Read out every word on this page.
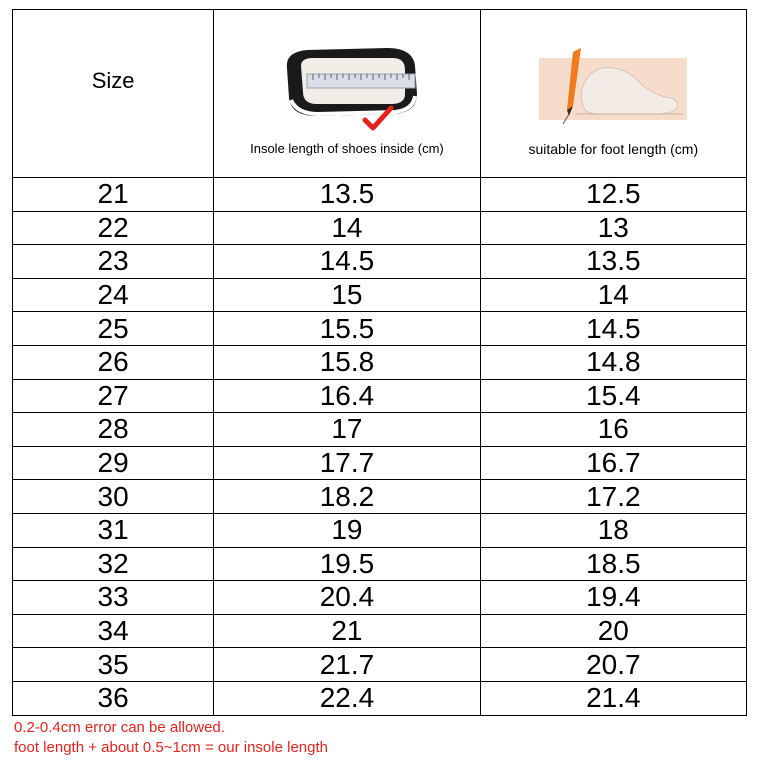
Size	Insole length of shoes inside (cm)	suitable for foot length (cm)

21	13.5	12.5
22	14	13
23	14.5	13.5
24	15	14
25	15.5	14.5
26	15.8	14.8
27	16.4	15.4
28	17	16
29	17.7	16.7
30	18.2	17.2
31	19	18
32	19.5	18.5
33	20.4	19.4
34	21	20
35	21.7	20.7
36	22.4	21.4
0.2-0.4cm error can be allowed.
foot length + about 0.5~1cm = our insole length
